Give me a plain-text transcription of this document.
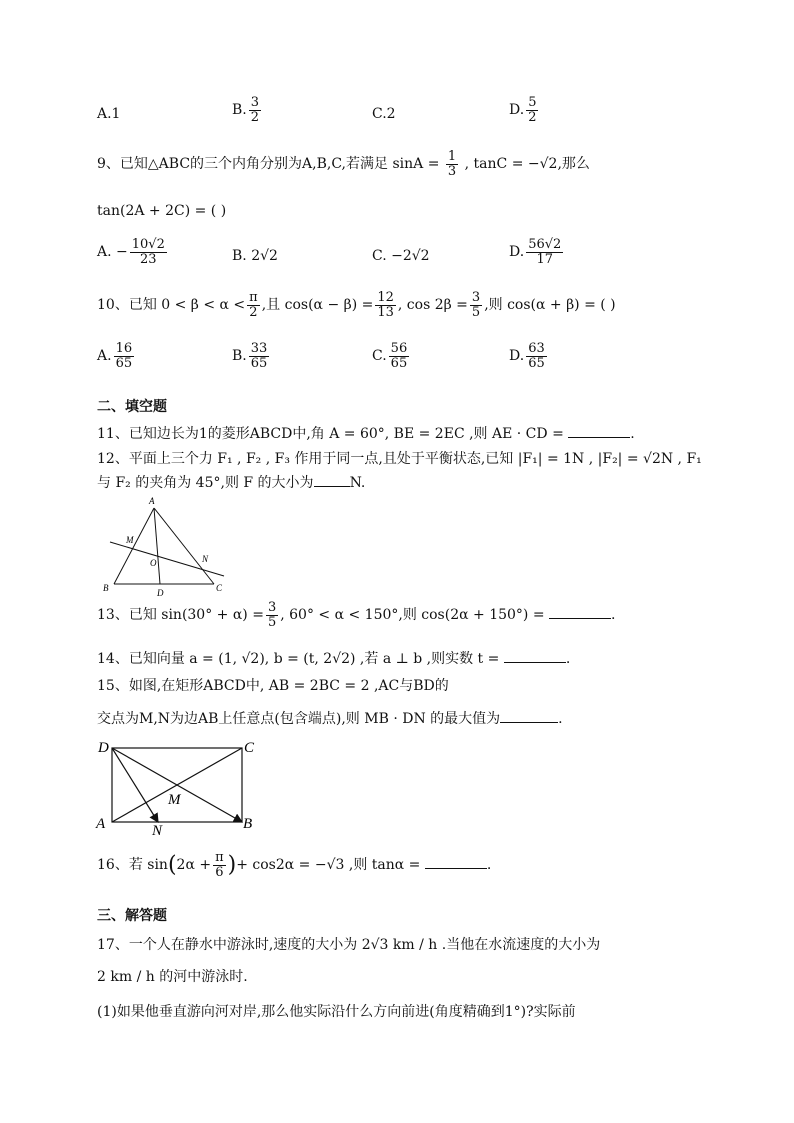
A.1	B. $\frac{3}{2}$	C.2	D. $\frac{5}{2}$
9、已知△ABC的三个内角分别为A,B,C,若满足 $\sin A = \frac{1}{3}$ , tanC = −√2,那么
tan(2A + 2C) = ( )
A. − $\frac{10√2}{23}$	B. 2√2	C. −2√2	D. $\frac{56√2}{17}$
10、已知 $0 < \beta < \alpha < \frac{\pi}{2}$ ,且 $\cos(\alpha - \beta) = \frac{12}{13}$ , $\cos 2\beta = \frac{3}{5}$ ,则 cos(α + β) = ( )
A. $\frac{16}{65}$	B. $\frac{33}{65}$	C. $\frac{56}{65}$	D. $\frac{63}{65}$
二、填空题
11、已知边长为1的菱形ABCD中,角 A = 60°, BE = 2EC ,则 AE · CD =	.
12、平面上三个力 F₁ , F₂ , F₃ 作用于同一点,且处于平衡状态,已知 |F₁| = 1N , |F₂| = √2N , F₁
与 F₂ 的夹角为 45°,则 F 的大小为	N.
A
B	C
D
M
N
O
13、已知 $\sin(30^\circ + \alpha) = \frac{3}{5}$ , 60° < α < 150°,则 cos(2α + 150°) =	.
14、已知向量 a = (1, √2), b = (t, 2√2) ,若 a ⊥ b ,则实数 t =	.
15、如图,在矩形ABCD中, AB = 2BC = 2 ,AC与BD的
交点为M,N为边AB上任意点(包含端点),则 MB · DN 的最大值为	.
D	C
A	B
M
N
16、若 $\sin(2\alpha + \frac{\pi}{6}$ )+ cos2α = −√3 ,则 tanα =	.
三、解答题
17、一个人在静水中游泳时,速度的大小为 2√3 km / h .当他在水流速度的大小为
2 km / h 的河中游泳时.
(1)如果他垂直游向河对岸,那么他实际沿什么方向前进(角度精确到1°)?实际前
